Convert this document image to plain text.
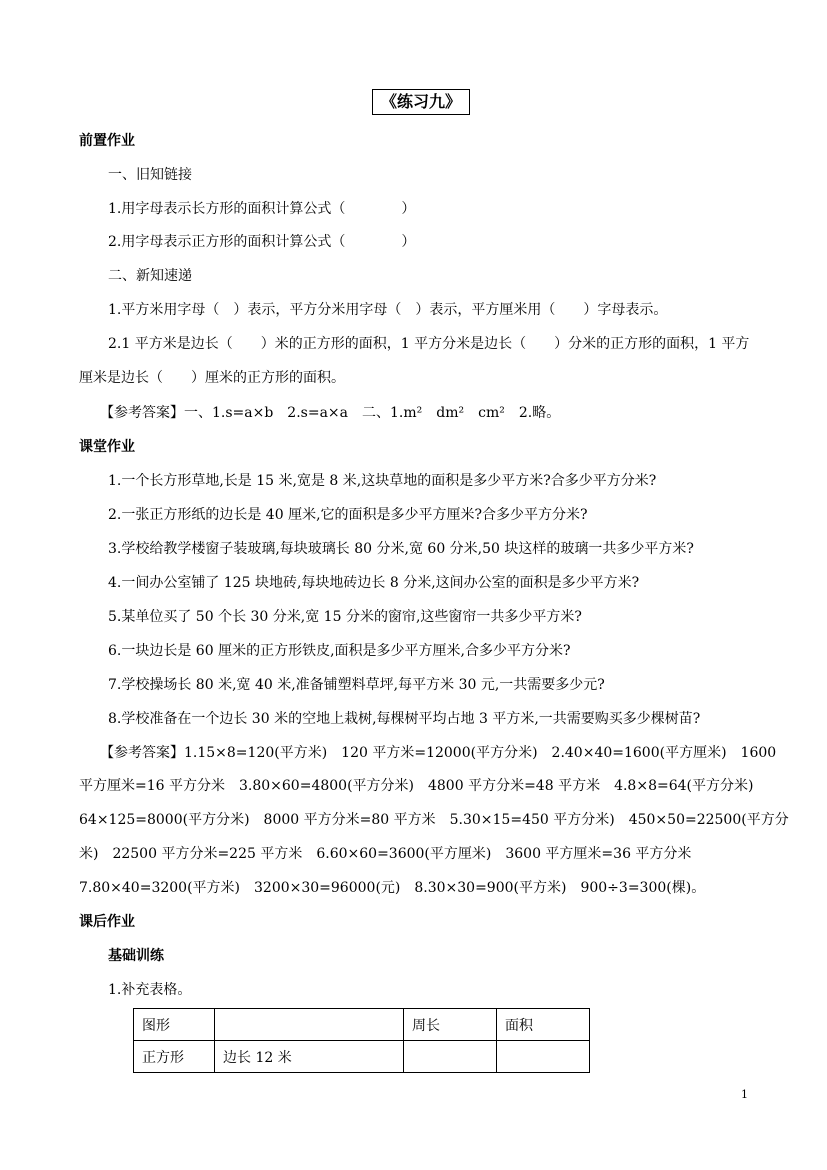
《练习九》
前置作业
一、旧知链接
1.用字母表示长方形的面积计算公式（　　　　）
2.用字母表示正方形的面积计算公式（　　　　）
二、新知速递
1.平方米用字母（　）表示，平方分米用字母（　）表示，平方厘米用（　　）字母表示。
2.1 平方米是边长（　　）米的正方形的面积，1 平方分米是边长（　　）分米的正方形的面积，1 平方
厘米是边长（　　）厘米的正方形的面积。
【参考答案】一、1.s=a×b　2.s=a×a　二、1.m²　dm²　cm²　2.略。
课堂作业
1.一个长方形草地,长是 15 米,宽是 8 米,这块草地的面积是多少平方米?合多少平方分米?
2.一张正方形纸的边长是 40 厘米,它的面积是多少平方厘米?合多少平方分米?
3.学校给教学楼窗子装玻璃,每块玻璃长 80 分米,宽 60 分米,50 块这样的玻璃一共多少平方米?
4.一间办公室铺了 125 块地砖,每块地砖边长 8 分米,这间办公室的面积是多少平方米?
5.某单位买了 50 个长 30 分米,宽 15 分米的窗帘,这些窗帘一共多少平方米?
6.一块边长是 60 厘米的正方形铁皮,面积是多少平方厘米,合多少平方分米?
7.学校操场长 80 米,宽 40 米,准备铺塑料草坪,每平方米 30 元,一共需要多少元?
8.学校准备在一个边长 30 米的空地上栽树,每棵树平均占地 3 平方米,一共需要购买多少棵树苗?
【参考答案】1.15×8=120(平方米)　120 平方米=12000(平方分米)　2.40×40=1600(平方厘米)　1600
平方厘米=16 平方分米　3.80×60=4800(平方分米)　4800 平方分米=48 平方米　4.8×8=64(平方分米)
64×125=8000(平方分米)　8000 平方分米=80 平方米　5.30×15=450 平方分米)　450×50=22500(平方分
米)　22500 平方分米=225 平方米　6.60×60=3600(平方厘米)　3600 平方厘米=36 平方分米
7.80×40=3200(平方米)　3200×30=96000(元)　8.30×30=900(平方米)　900÷3=300(棵)。
课后作业
基础训练
1.补充表格。
图形		周长	面积
正方形	边长 12 米		
1
